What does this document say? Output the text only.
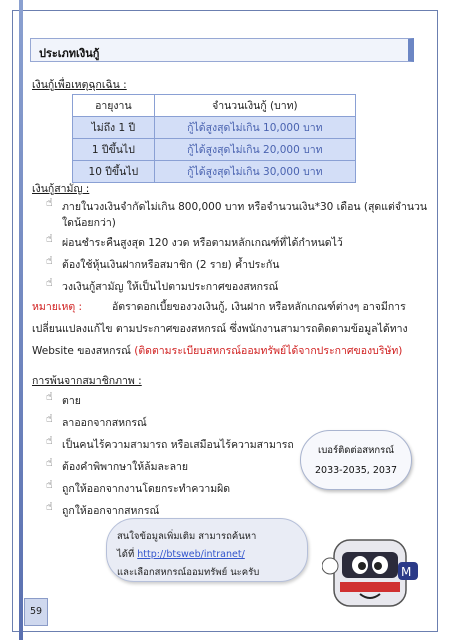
ประเภทเงินกู้
เงินกู้เพื่อเหตุฉุกเฉิน :
อายุงาน	จำนวนเงินกู้ (บาท)
ไม่ถึง 1 ปี	กู้ได้สูงสุดไม่เกิน 10,000 บาท
1 ปีขึ้นไป	กู้ได้สูงสุดไม่เกิน 20,000 บาท
10 ปีขึ้นไป	กู้ได้สูงสุดไม่เกิน 30,000 บาท
เงินกู้สามัญ :
☝ ภายในวงเงินจำกัดไม่เกิน 800,000 บาท หรือจำนวนเงิน*30 เดือน (สุดแต่จำนวน
ใดน้อยกว่า)
☝ ผ่อนชำระคืนสูงสุด 120 งวด หรือตามหลักเกณฑ์ที่ได้กำหนดไว้
☝ ต้องใช้หุ้นเงินฝากหรือสมาชิก (2 ราย) ค้ำประกัน
☝ วงเงินกู้สามัญ ให้เป็นไปตามประกาศของสหกรณ์
หมายเหตุ :	อัตราดอกเบี้ยของวงเงินกู้, เงินฝาก หรือหลักเกณฑ์ต่างๆ อาจมีการ
เปลี่ยนแปลงแก้ไข ตามประกาศของสหกรณ์ ซึ่งพนักงานสามารถติดตามข้อมูลได้ทาง
Website ของสหกรณ์ (ติดตามระเบียบสหกรณ์ออมทรัพย์ได้จากประกาศของบริษัท)
การพ้นจากสมาชิกภาพ :
☝ ตาย
☝ ลาออกจากสหกรณ์
☝ เป็นคนไร้ความสามารถ หรือเสมือนไร้ความสามารถ
☝ ต้องคำพิพากษาให้ล้มละลาย
☝ ถูกให้ออกจากงานโดยกระทำความผิด
☝ ถูกให้ออกจากสหกรณ์
เบอร์ติดต่อสหกรณ์
2033-2035, 2037
สนใจข้อมูลเพิ่มเติม สามารถค้นหา
ได้ที่ http://btsweb/intranet/
และเลือกสหกรณ์ออมทรัพย์ นะครับ	M
59
